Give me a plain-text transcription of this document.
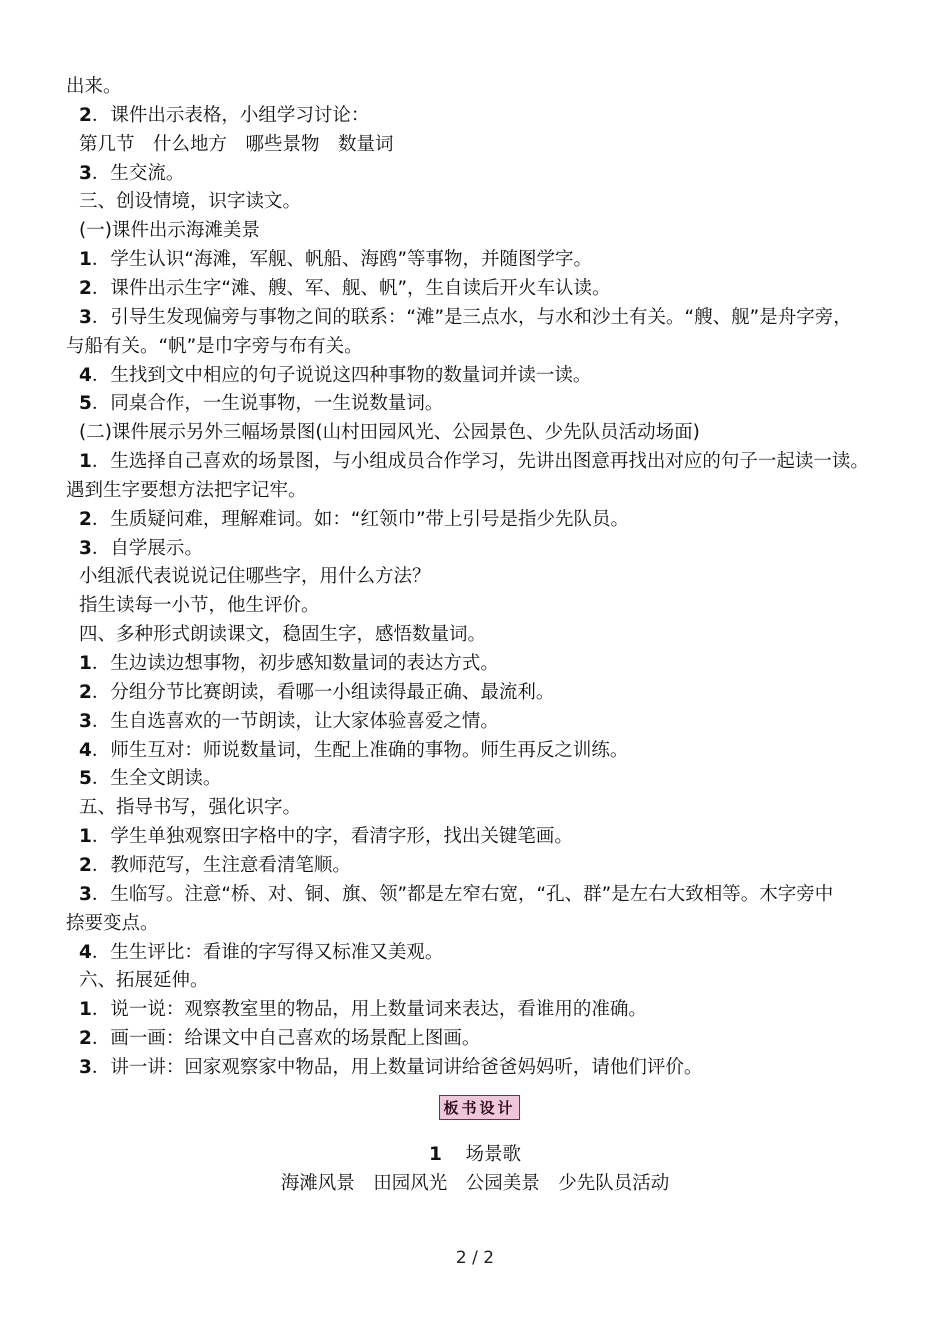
出来。
2．课件出示表格，小组学习讨论：
第几节　什么地方　哪些景物　数量词
3．生交流。
三、创设情境，识字读文。
(一)课件出示海滩美景
1．学生认识“海滩，军舰、帆船、海鸥”等事物，并随图学字。
2．课件出示生字“滩、艘、军、舰、帆”，生自读后开火车认读。
3．引导生发现偏旁与事物之间的联系：“滩”是三点水，与水和沙土有关。“艘、舰”是舟字旁，
与船有关。“帆”是巾字旁与布有关。
4．生找到文中相应的句子说说这四种事物的数量词并读一读。
5．同桌合作，一生说事物，一生说数量词。
(二)课件展示另外三幅场景图(山村田园风光、公园景色、少先队员活动场面)
1．生选择自己喜欢的场景图，与小组成员合作学习，先讲出图意再找出对应的句子一起读一读。
遇到生字要想方法把字记牢。
2．生质疑问难，理解难词。如：“红领巾”带上引号是指少先队员。
3．自学展示。
小组派代表说说记住哪些字，用什么方法？
指生读每一小节，他生评价。
四、多种形式朗读课文，稳固生字，感悟数量词。
1．生边读边想事物，初步感知数量词的表达方式。
2．分组分节比赛朗读，看哪一小组读得最正确、最流利。
3．生自选喜欢的一节朗读，让大家体验喜爱之情。
4．师生互对：师说数量词，生配上准确的事物。师生再反之训练。
5．生全文朗读。
五、指导书写，强化识字。
1．学生单独观察田字格中的字，看清字形，找出关键笔画。
2．教师范写，生注意看清笔顺。
3．生临写。注意“桥、对、铜、旗、领”都是左窄右宽，“孔、群”是左右大致相等。木字旁中
捺要变点。
4．生生评比：看谁的字写得又标准又美观。
六、拓展延伸。
1．说一说：观察教室里的物品，用上数量词来表达，看谁用的准确。
2．画一画：给课文中自己喜欢的场景配上图画。
3．讲一讲：回家观察家中物品，用上数量词讲给爸爸妈妈听，请他们评价。
板书设计
1 场景歌
海滩风景　田园风光　公园美景　少先队员活动
2 / 2
